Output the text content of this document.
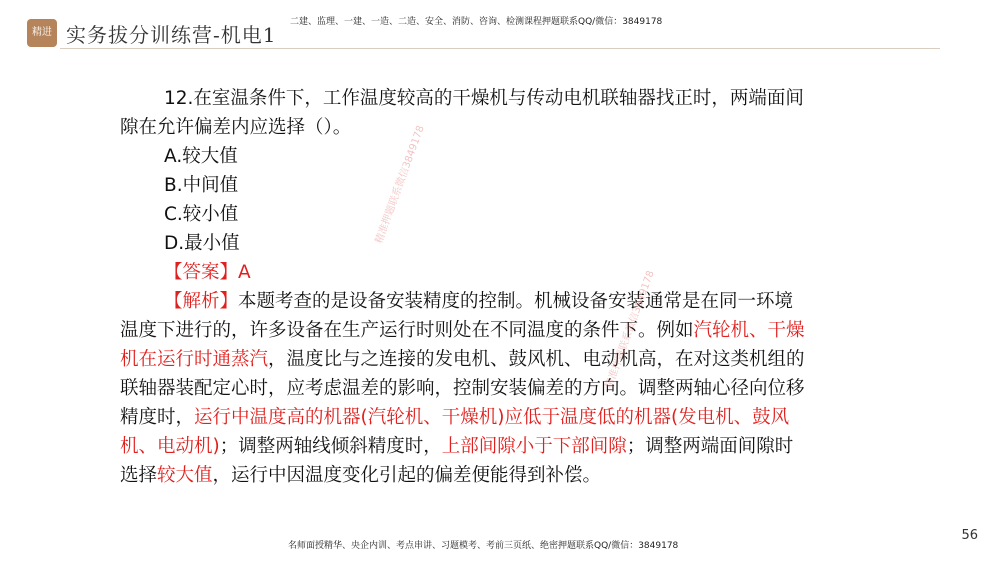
精进 实务拔分训练营-机电1
二建、监理、一建、一造、二造、安全、消防、咨询、检测课程押题联系QQ/微信：3849178

12.在室温条件下，工作温度较高的干燥机与传动电机联轴器找正时，两端面间隙在允许偏差内应选择（）。

A.较大值

B.中间值

C.较小值

D.最小值

【答案】A

【解析】本题考查的是设备安装精度的控制。机械设备安装通常是在同一环境温度下进行的，许多设备在生产运行时则处在不同温度的条件下。例如汽轮机、干燥机在运行时通蒸汽，温度比与之连接的发电机、鼓风机、电动机高，在对这类机组的联轴器装配定心时，应考虑温差的影响，控制安装偏差的方向。调整两轴心径向位移精度时，运行中温度高的机器(汽轮机、干燥机)应低于温度低的机器(发电机、鼓风机、电动机)；调整两轴线倾斜精度时，上部间隙小于下部间隙；调整两端面间隙时选择较大值，运行中因温度变化引起的偏差便能得到补偿。

精准押题联系微信3849178
精准押题联系微信3849178
56
名师面授精华、央企内训、考点串讲、习题模考、考前三页纸、绝密押题联系QQ/微信：3849178
